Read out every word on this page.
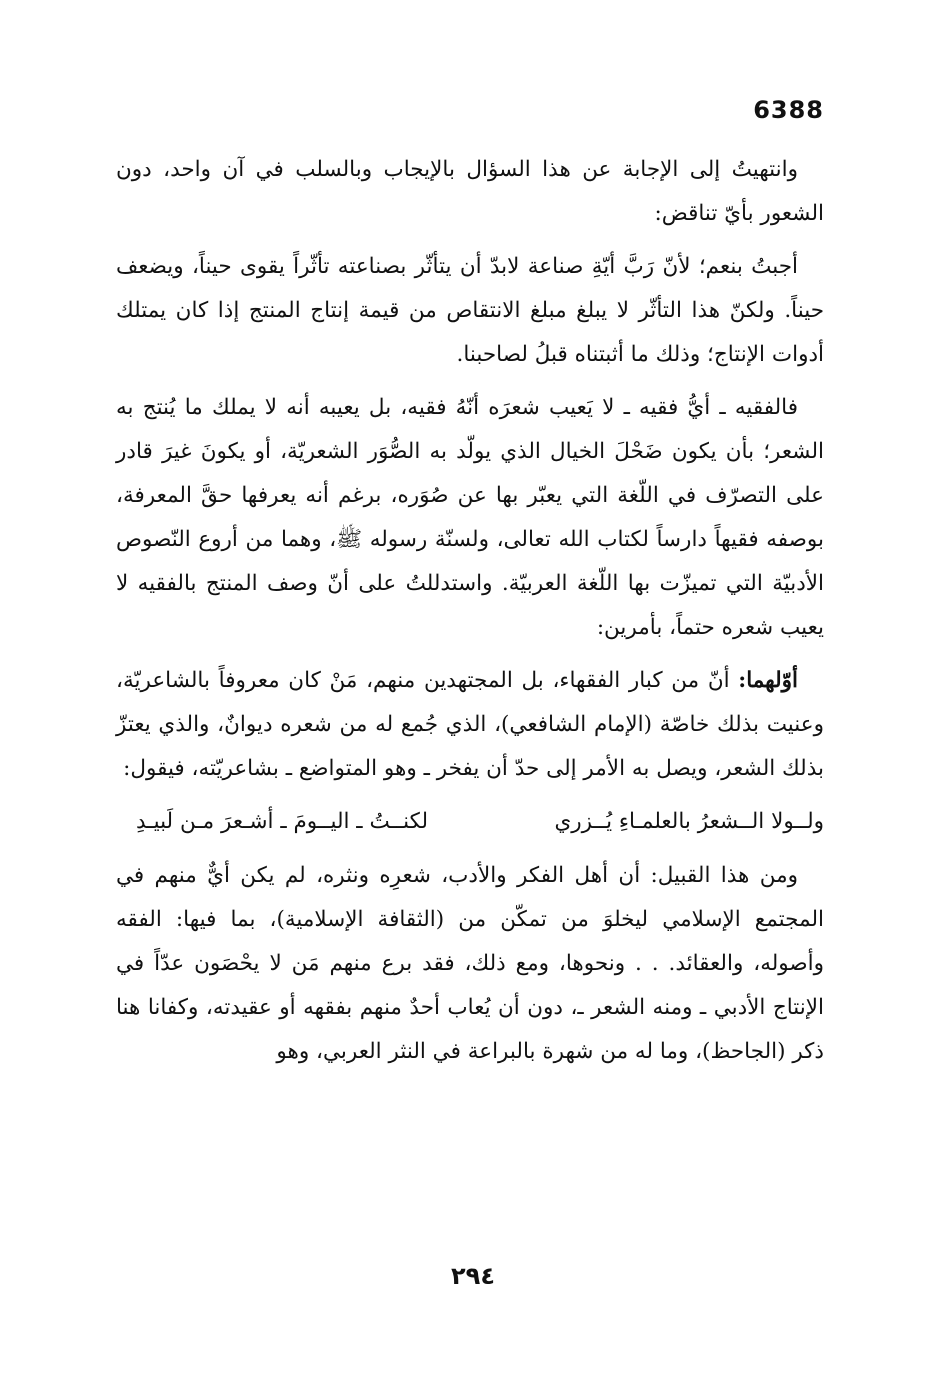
6388

وانتهيتُ إلى الإجابة عن هذا السؤال بالإيجاب وبالسلب في آن واحد، دون الشعور بأيّ تناقض:

أجبتُ بنعم؛ لأنّ رَبَّ أيّةِ صناعة لابدّ أن يتأثّر بصناعته تأثّراً يقوى حيناً، ويضعف حيناً. ولكنّ هذا التأثّر لا يبلغ مبلغ الانتقاص من قيمة إنتاج المنتج إذا كان يمتلك أدوات الإنتاج؛ وذلك ما أثبتناه قبلُ لصاحبنا.

فالفقيه ـ أيُّ فقيه ـ لا يَعيب شعرَه أنّهُ فقيه، بل يعيبه أنه لا يملك ما يُنتج به الشعر؛ بأن يكون ضَحْلَ الخيال الذي يولّد به الصُّوَر الشعريّة، أو يكونَ غيرَ قادر على التصرّف في اللّغة التي يعبّر بها عن صُوَره، برغم أنه يعرفها حقَّ المعرفة، بوصفه فقيهاً دارساً لكتاب الله تعالى، ولسنّة رسوله ﷺ، وهما من أروع النّصوص الأدبيّة التي تميزّت بها اللّغة العربيّة. واستدللتُ على أنّ وصف المنتج بالفقيه لا يعيب شعره حتماً، بأمرين:

أوّلهما: أنّ من كبار الفقهاء، بل المجتهدين منهم، مَنْ كان معروفاً بالشاعريّة، وعنيت بذلك خاصّة (الإمام الشافعي)، الذي جُمع له من شعره ديوانٌ، والذي يعتزّ بذلك الشعر، ويصل به الأمر إلى حدّ أن يفخر ـ وهو المتواضع ـ بشاعريّته، فيقول:

ولــولا الــشعرُ بالعلمـاءِ يُــزري
لكنــتُ ـ اليــومَ ـ أشـعرَ مـن لَبيـدِ

ومن هذا القبيل: أن أهل الفكر والأدب، شعرِه ونثره، لم يكن أيٌّ منهم في المجتمع الإسلامي ليخلوَ من تمكّن من (الثقافة الإسلامية)، بما فيها: الفقه وأصوله، والعقائد. . . ونحوها، ومع ذلك، فقد برع منهم مَن لا يحْصَون عدّاً في الإنتاج الأدبي ـ ومنه الشعر ـ، دون أن يُعاب أحدٌ منهم بفقهه أو عقيدته، وكفانا هنا ذكر (الجاحظ)، وما له من شهرة بالبراعة في النثر العربي، وهو

٢٩٤
